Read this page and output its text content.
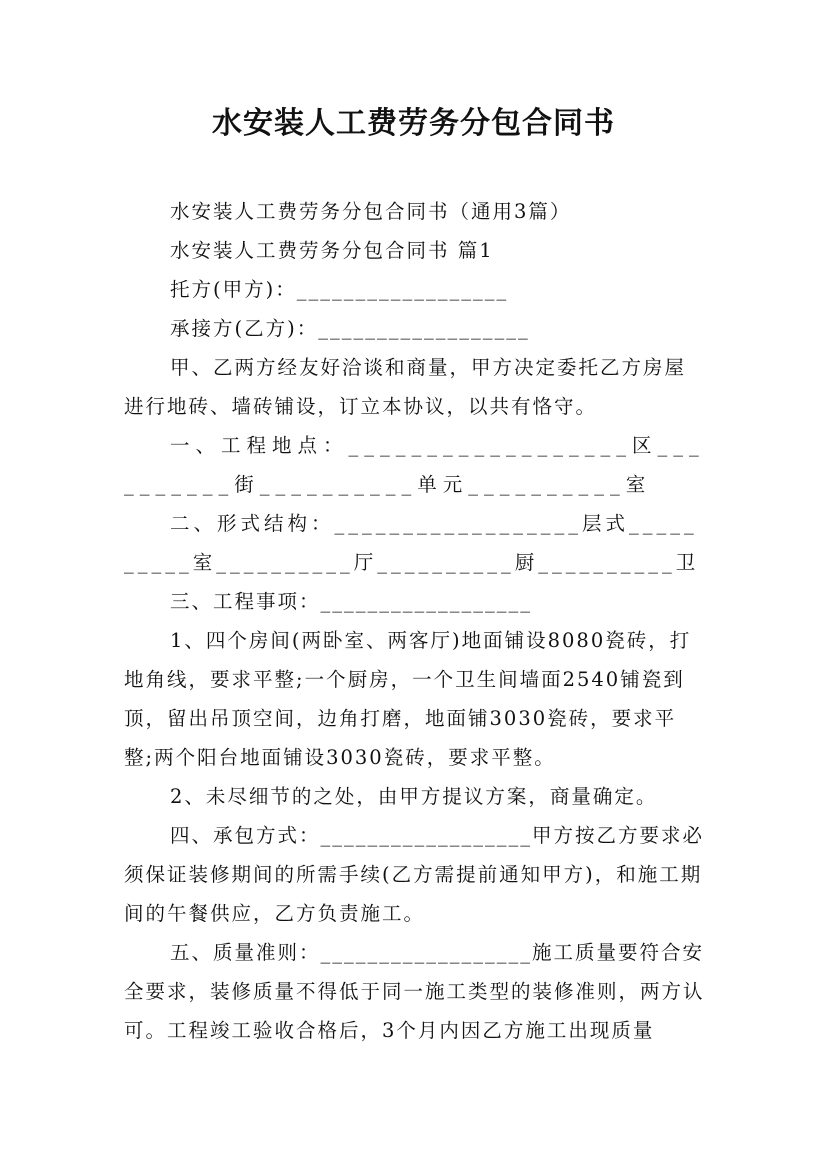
水安装人工费劳务分包合同书

水安装人工费劳务分包合同书（通用3篇）

水安装人工费劳务分包合同书 篇1

托方(甲方)：__________________

承接方(乙方)：__________________

甲、乙两方经友好洽谈和商量，甲方决定委托乙方房屋进行地砖、墙砖铺设，订立本协议，以共有恪守。

一、工程地点：__________________区__________街__________单元__________室

二、形式结构：__________________层式__________室__________厅__________厨__________卫

三、工程事项：__________________

1、四个房间(两卧室、两客厅)地面铺设8080瓷砖，打地角线，要求平整;一个厨房，一个卫生间墙面2540铺瓷到顶，留出吊顶空间，边角打磨，地面铺3030瓷砖，要求平整;两个阳台地面铺设3030瓷砖，要求平整。

2、未尽细节的之处，由甲方提议方案，商量确定。

四、承包方式：__________________甲方按乙方要求必须保证装修期间的所需手续(乙方需提前通知甲方)，和施工期间的午餐供应，乙方负责施工。

五、质量准则：__________________施工质量要符合安全要求，装修质量不得低于同一施工类型的装修准则，两方认可。工程竣工验收合格后，3个月内因乙方施工出现质量
